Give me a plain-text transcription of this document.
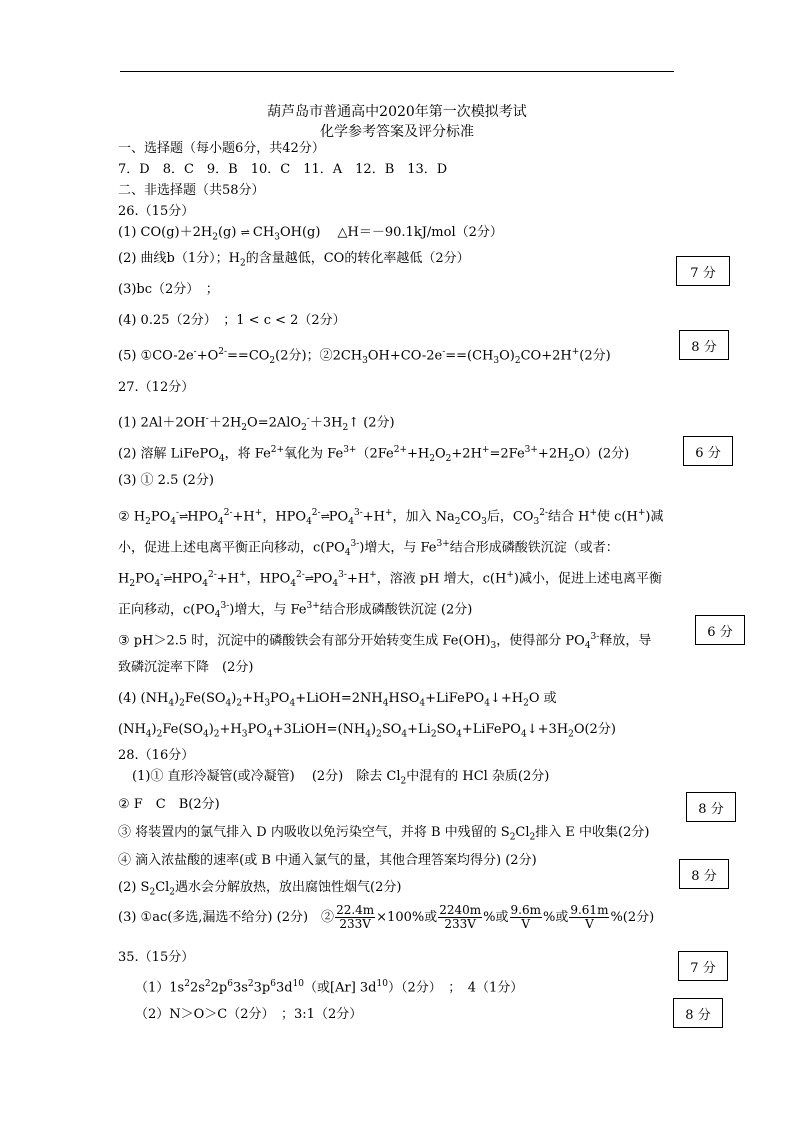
葫芦岛市普通高中2020年第一次模拟考试
化学参考答案及评分标准
一、选择题（每小题6分，共42分）
7．D　8．C　9．B　10．C　11．A　12．B　13．D
二、非选择题（共58分）
26.（15分）
(1) $CO(g)+2H_2(g)$ ⇌ $CH_3OH(g)$　 △H＝－90.1kJ/mol（2分）
(2) 曲线b（1分）；$H_2$的含量越低，CO的转化率越低（2分）
7 分
(3)bc（2分）　；
(4) 0.25（2分）　；1 < c < 2（2分）
8 分
(5) ①CO-$2e^-+O^{2-}==CO_2(2$分)；$②2CH_3OH+CO-2e^-==(CH_3O)_2CO+2H^+(2$分)
27.（12分）
(1) $2Al+2OH^-+2H_2O=2AlO_2^-+3H_2↑$ (2分)
(2) 溶解 LiFePO$_4$，将 $Fe^{2+}$氧化为 $Fe^{3+}(2Fe^{2+}+H_2O_2+2H^+=2Fe^{3+}+2H_2O)(2$分)	6 分
(3) ① 2.5 (2分)
② $H_2PO_4^-\rightleftharpoons HPO_4^{2-}+H^+$，$HPO_4^{2-}\rightleftharpoons PO_4^{3-}+H^+$，加入 $Na_2CO_3$后，$CO_3^{2-}$结合 H+使 c(H+)减
小，促进上述电离平衡正向移动，$c(PO_4^{3-})$增大，与 $Fe^{3+}$结合形成磷酸铁沉淀（或者：
$H_2PO_4^-\rightleftharpoons HPO_4^{2-}+H^+$，$HPO_4^{2-}\rightleftharpoons PO_4^{3-}+H^+$，溶液 pH 增大，c(H+)减小，促进上述电离平衡
正向移动，$c(PO_4^{3-})$增大，与 $Fe^{3+}$结合形成磷酸铁沉淀 (2分)
6 分
③ pH＞2.5 时，沉淀中的磷酸铁会有部分开始转变生成 $Fe(OH)_3$，使得部分 $PO_4^{3-}$释放，导
致磷沉淀率下降　(2分)
(4) $(NH_4)_2Fe(SO_4)_2+H_3PO_4+LiOH=2NH_4HSO_4+LiFePO_4↓+H_2O$ 或
$(NH_4)_2Fe(SO_4)_2+H_3PO_4+3LiOH=(NH_4)_2SO_4+Li_2SO_4+LiFePO_4↓+3H_2O(2$分)
28.（16分）
(1)① 直形冷凝管(或冷凝管)　 (2分)　除去 $Cl_2$中混有的 HCl 杂质(2分)
8 分
② F　C　B(2分)
③ 将装置内的氯气排入 D 内吸收以免污染空气，并将 B 中残留的 $S_2Cl_2$排入 E 中收集(2分)
④ 滴入浓盐酸的速率(或 B 中通入氯气的量，其他合理答案均得分) (2分)
8 分
(2) $S_2Cl_2$遇水会分解放热，放出腐蚀性烟气(2分)
(3) ①ac(多选,漏选不给分) (2分)　② $\frac{22.4m}{233V} \times 100\%$或 $\frac{2240m}{233V}$ %或 $\frac{9.6m}{V}$ %或 $\frac{9.61m}{V} \%(2$分)
35.（15分）
7 分
$(1)1s^22s^22p^63s^23p^63d^{10}$（或[Ar] $3d^{10})(2$分）　；　4（1分）
8 分
（2）N＞O＞C（2分）　；3:1（2分）
